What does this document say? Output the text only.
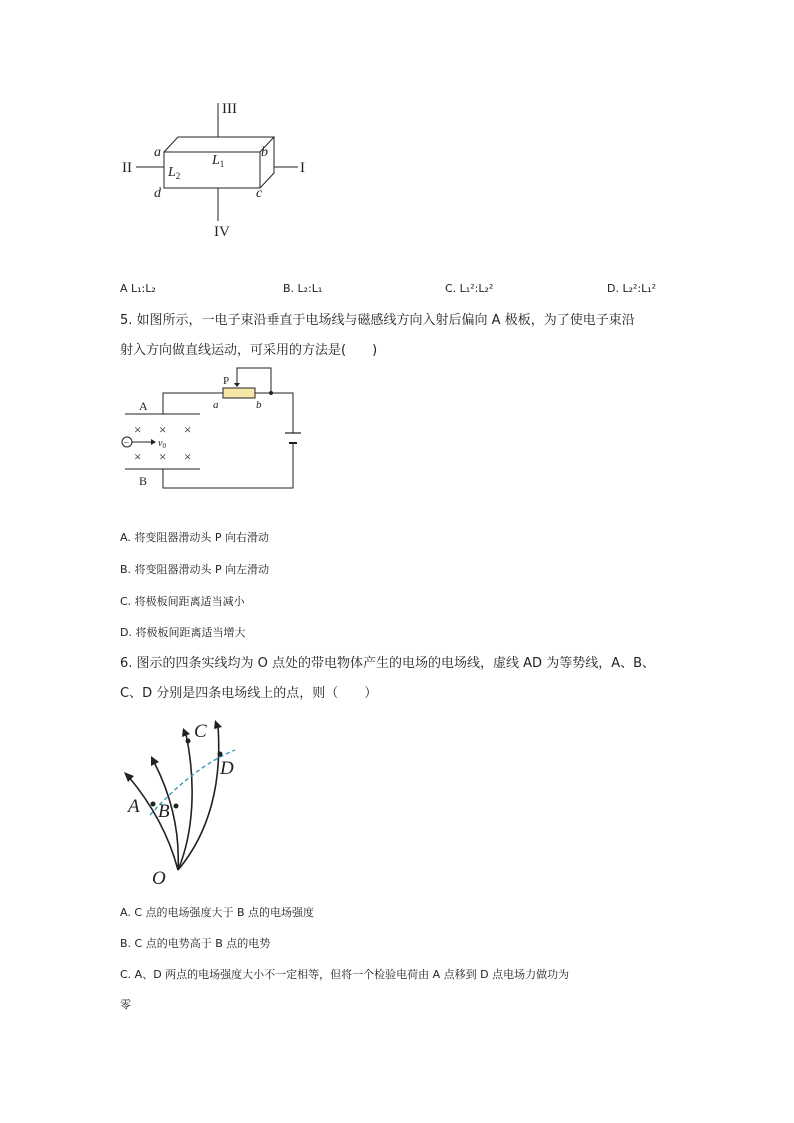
III
II	I
IV
a	b
c
d
$L_1$
$L_2$
A L₁:L₂	B. L₂:L₁	C. L₁²:L₂²	D. L₂²:L₁²
5. 如图所示，一电子束沿垂直于电场线与磁感线方向入射后偏向 A 极板，为了使电子束沿
射入方向做直线运动，可采用的方法是(　　)
P
a	b
A
B
× × ×
× × ×
−	$v_0$
A. 将变阻器滑动头 P 向右滑动
B. 将变阻器滑动头 P 向左滑动
C. 将极板间距离适当减小
D. 将极板间距离适当增大
6. 图示的四条实线均为 O 点处的带电物体产生的电场的电场线，虚线 AD 为等势线，A、B、
C、D 分别是四条电场线上的点，则（　　）
A B
C
D
O
A. C 点的电场强度大于 B 点的电场强度
B. C 点的电势高于 B 点的电势
C. A、D 两点的电场强度大小不一定相等，但将一个检验电荷由 A 点移到 D 点电场力做功为
零
